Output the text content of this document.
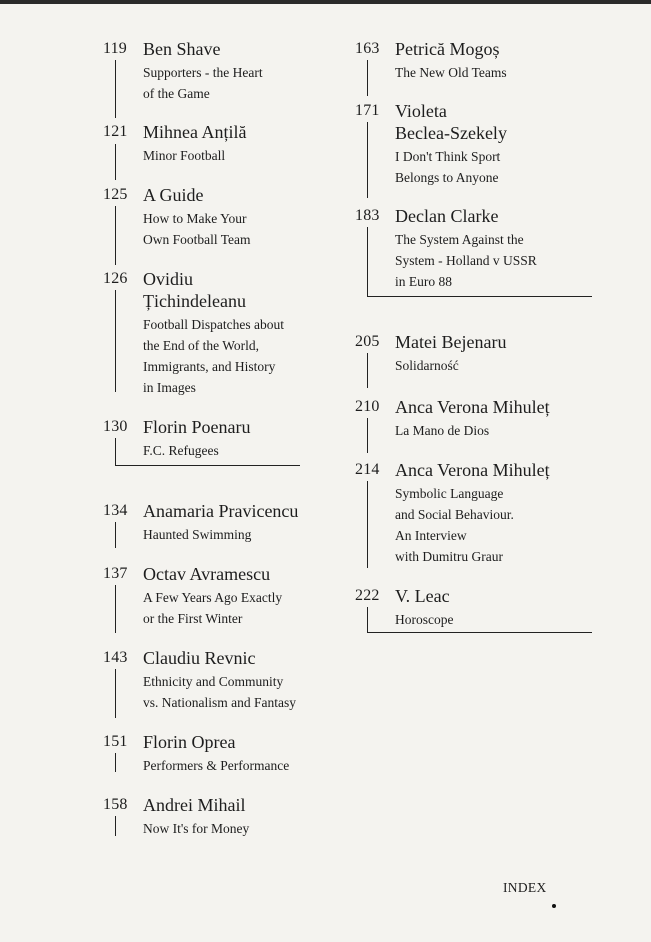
119 Ben Shave
Supporters - the Heart
of the Game
121 Mihnea Anțilă
Minor Football
125 A Guide
How to Make Your
Own Football Team
126 Ovidiu
Țichindeleanu
Football Dispatches about
the End of the World,
Immigrants, and History
in Images
130 Florin Poenaru
F.C. Refugees
134 Anamaria Pravicencu
Haunted Swimming
137 Octav Avramescu
A Few Years Ago Exactly
or the First Winter
143 Claudiu Revnic
Ethnicity and Community
vs. Nationalism and Fantasy
151 Florin Oprea
Performers & Performance
158 Andrei Mihail
Now It's for Money
163 Petrică Mogoș
The New Old Teams
171 Violeta
Beclea-Szekely
I Don't Think Sport
Belongs to Anyone
183 Declan Clarke
The System Against the
System - Holland v USSR
in Euro 88
205 Matei Bejenaru
Solidarność
210 Anca Verona Mihuleț
La Mano de Dios
214 Anca Verona Mihuleț
Symbolic Language
and Social Behaviour.
An Interview
with Dumitru Graur
222 V. Leac
Horoscope
INDEX
